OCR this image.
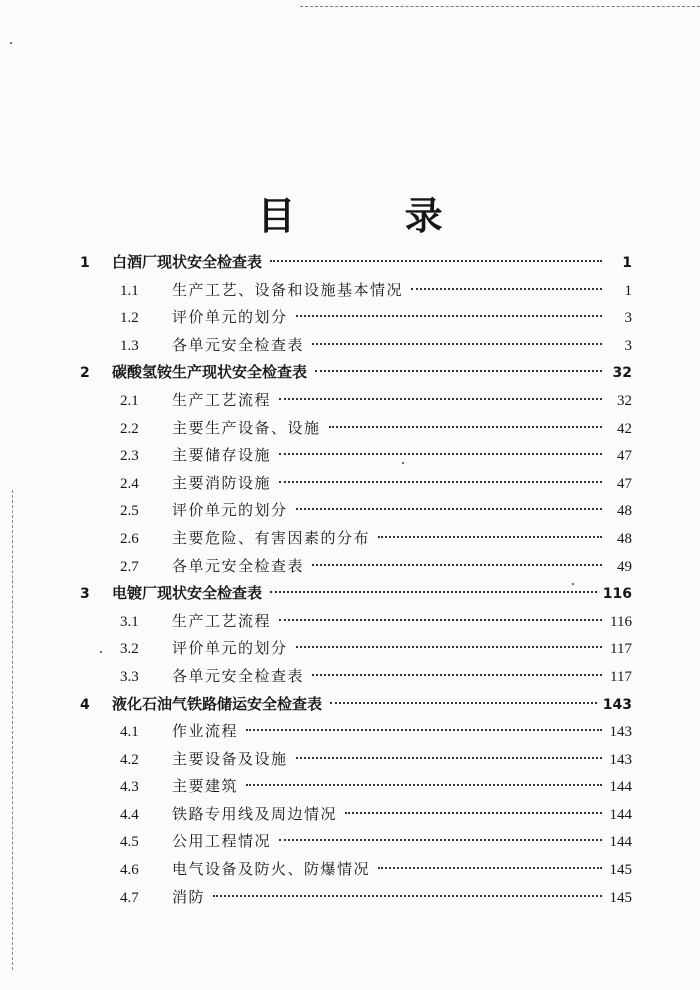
目 录
1	白酒厂现状安全检查表	1
1.1	生产工艺、设备和设施基本情况	1
1.2	评价单元的划分	3
1.3	各单元安全检查表	3
2	碳酸氢铵生产现状安全检查表	32
2.1	生产工艺流程	32
2.2	主要生产设备、设施	42
2.3	主要储存设施	47
2.4	主要消防设施	47
2.5	评价单元的划分	48
2.6	主要危险、有害因素的分布	48
2.7	各单元安全检查表	49
3	电镀厂现状安全检查表	116
3.1	生产工艺流程	116
3.2	评价单元的划分	117
3.3	各单元安全检查表	117
4	液化石油气铁路储运安全检查表	143
4.1	作业流程	143
4.2	主要设备及设施	143
4.3	主要建筑	144
4.4	铁路专用线及周边情况	144
4.5	公用工程情况	144
4.6	电气设备及防火、防爆情况	145
4.7	消防	145
